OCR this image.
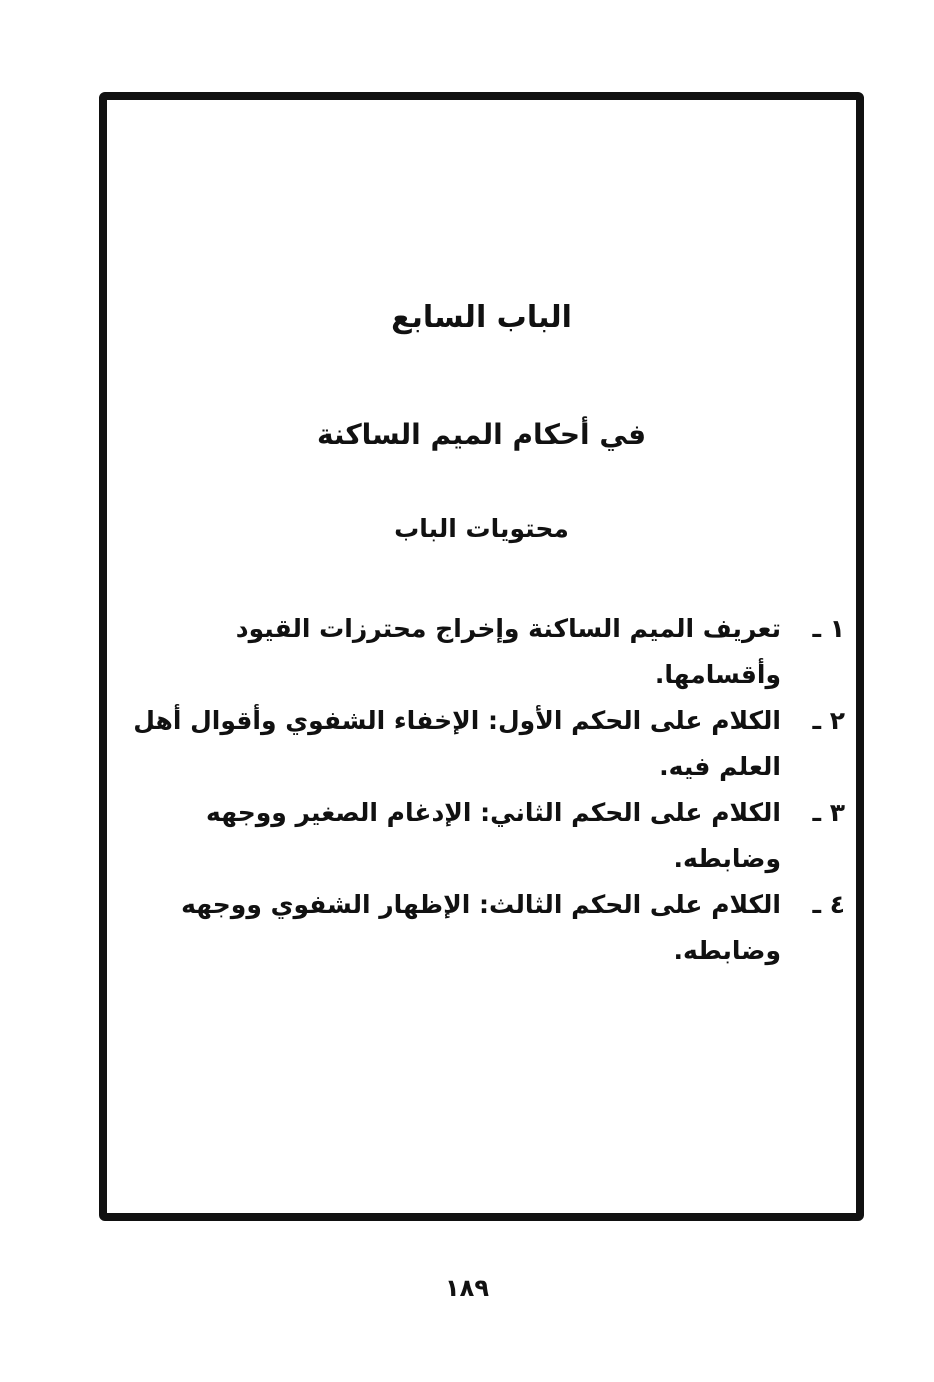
الباب السابع
في أحكام الميم الساكنة
محتويات الباب
١ ـ
تعريف الميم الساكنة وإخراج محترزات القيود وأقسامها.
٢ ـ
الكلام على الحكم الأول: الإخفاء الشفوي وأقوال أهل العلم فيه.
٣ ـ
الكلام على الحكم الثاني: الإدغام الصغير ووجهه وضابطه.
٤ ـ
الكلام على الحكم الثالث: الإظهار الشفوي ووجهه وضابطه.
١٨٩
